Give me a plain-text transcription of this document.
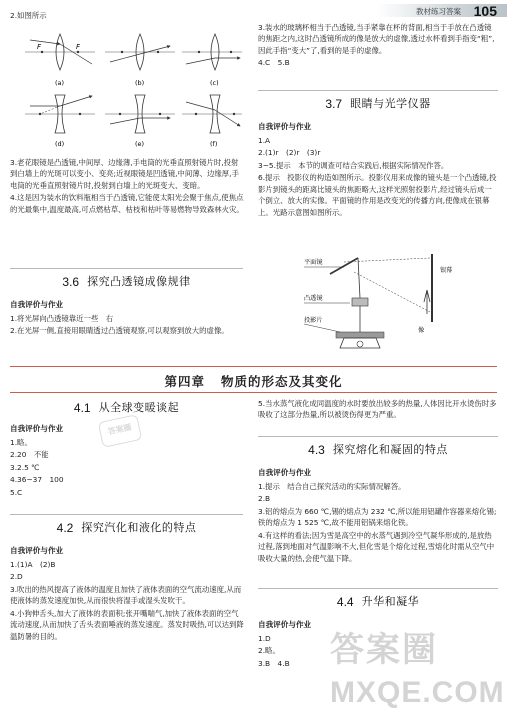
教材练习答案 105
2.如图所示
F	F
(a)	(b)	(c)
(d)	(e)	(f)
3.老花眼镜是凸透镜,中间厚、边缘薄,手电筒的光垂直照射镜片时,投射到白墙上的光斑可以变小、变亮;近视眼镜是凹透镜,中间薄、边缘厚,手电筒的光垂直照射镜片时,投射到白墙上的光斑变大、变暗。
4.这是因为装水的饮料瓶相当于凸透镜,它能使太阳光会聚于焦点,使焦点的光最集中,温度最高,可点燃枯草、枯枝和枯叶等易燃物导致森林火灾。
3.6 探究凸透镜成像规律
自我评价与作业
1.将光屏向凸透镜靠近一些　右
2.在光屏一侧,直接用眼睛透过凸透镜观察,可以观察到放大的虚像。
3.装水的玻璃杯相当于凸透镜,当手紧靠在杯的背面,相当于手放在凸透镜的焦距之内,这时凸透镜所成的像是放大的虚像,透过水杯看到手指变“粗”,因此手指“变大”了,看到的是手的虚像。
4.C　5.B
3.7 眼睛与光学仪器
自我评价与作业
1.A
2.(1)r　(2)r　(3)r
3~5.提示　本节的调查可结合实践后,根据实际情况作答。
6.提示　投影仪的构造如图所示。投影仪用来成像的镜头是一个凸透镜,投影片到镜头的距离比镜头的焦距略大,这样光照射投影片,经过镜头后成一个倒立、放大的实像。平面镜的作用是改变光的传播方向,使像成在银幕上。光路示意图如图所示。
平面镜
凸透镜
投影片
银幕
像
第四章 物质的形态及其变化
4.1 从全球变暖谈起
自我评价与作业
1.略。
2.20　不能
3.2.5 ℃
4.36~37　100
5.C
答案圈
4.2 探究汽化和液化的特点
自我评价与作业
1.(1)A　(2)B
2.D
3.吹出的热风提高了液体的温度且加快了液体表面的空气流动速度,从而使液体的蒸发速度加快,从而很快将湿手或湿头发吹干。
4.小狗伸舌头,加大了液体的表面积;张开嘴喘气,加快了液体表面的空气流动速度,从而加快了舌头表面唾液的蒸发速度。蒸发时吸热,可以达到降温防暑的目的。
5.当水蒸气液化成同温度的水时要放出较多的热量,人体因比开水烫伤时多吸收了这部分热量,所以被烫伤得更为严重。
4.3 探究熔化和凝固的特点
自我评价与作业
1.提示　结合自己探究活动的实际情况解答。
2.B
3.铝的熔点为 660 ℃,锡的熔点为 232 ℃,所以能用铝罐作容器来熔化锡;铁的熔点为 1 525 ℃,故不能用铝锅来熔化铁。
4.有这样的看法;因为雪是高空中的水蒸气遇到冷空气凝华形成的,是放热过程,落到地面对气温影响不大,但化雪是个熔化过程,雪熔化时需从空气中吸收大量的热,会使气温下降。
4.4 升华和凝华
自我评价与作业
1.D
2.略。
3.B　4.B	答案圈
MXQE.COM
